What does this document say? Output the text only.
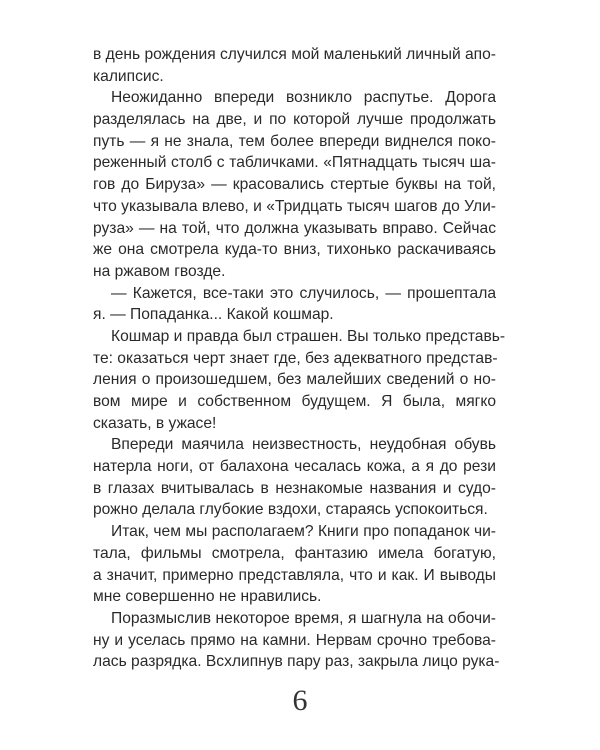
в день рождения случился мой маленький личный апо-
калипсис.
Неожиданно впереди возникло распутье. Дорога
разделялась на две, и по которой лучше продолжать
путь — я не знала, тем более впереди виднелся поко-
реженный столб с табличками. «Пятнадцать тысяч ша-
гов до Бируза» — красовались стертые буквы на той,
что указывала влево, и «Тридцать тысяч шагов до Ули-
руза» — на той, что должна указывать вправо. Сейчас
же она смотрела куда-то вниз, тихонько раскачиваясь
на ржавом гвозде.
— Кажется, все-таки это случилось, — прошептала
я. — Попаданка... Какой кошмар.
Кошмар и правда был страшен. Вы только представь-
те: оказаться черт знает где, без адекватного представ-
ления о произошедшем, без малейших сведений о но-
вом мире и собственном будущем. Я была, мягко
сказать, в ужасе!
Впереди маячила неизвестность, неудобная обувь
натерла ноги, от балахона чесалась кожа, а я до рези
в глазах вчитывалась в незнакомые названия и судо-
рожно делала глубокие вздохи, стараясь успокоиться.
Итак, чем мы располагаем? Книги про попаданок чи-
тала, фильмы смотрела, фантазию имела богатую,
а значит, примерно представляла, что и как. И выводы
мне совершенно не нравились.
Поразмыслив некоторое время, я шагнула на обочи-
ну и уселась прямо на камни. Нервам срочно требова-
лась разрядка. Всхлипнув пару раз, закрыла лицо рука-
6
